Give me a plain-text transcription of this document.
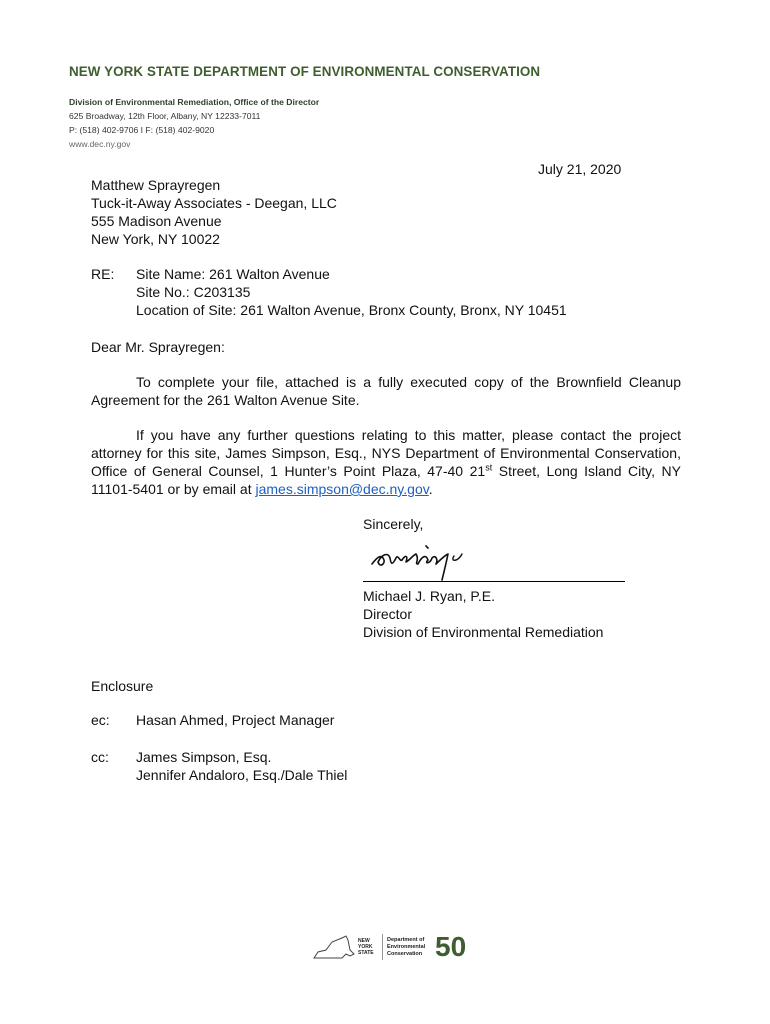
NEW YORK STATE DEPARTMENT OF ENVIRONMENTAL CONSERVATION
Division of Environmental Remediation, Office of the Director
625 Broadway, 12th Floor, Albany, NY 12233-7011
P: (518) 402-9706 I F: (518) 402-9020
www.dec.ny.gov
July 21, 2020
Matthew Sprayregen
Tuck-it-Away Associates - Deegan, LLC
555 Madison Avenue
New York, NY 10022
RE: Site Name: 261 Walton Avenue
Site No.: C203135
Location of Site: 261 Walton Avenue, Bronx County, Bronx, NY 10451
Dear Mr. Sprayregen:
To complete your file, attached is a fully executed copy of the Brownfield Cleanup Agreement for the 261 Walton Avenue Site.
If you have any further questions relating to this matter, please contact the project attorney for this site, James Simpson, Esq., NYS Department of Environmental Conservation, Office of General Counsel, 1 Hunter’s Point Plaza, 47-40 21st Street, Long Island City, NY 11101-5401 or by email at james.simpson@dec.ny.gov.
Sincerely,
Michael J. Ryan, P.E.
Director
Division of Environmental Remediation
Enclosure
ec: Hasan Ahmed, Project Manager
cc: James Simpson, Esq.
Jennifer Andaloro, Esq./Dale Thiel
NEW YORK STATE
Department of Environmental Conservation 50
